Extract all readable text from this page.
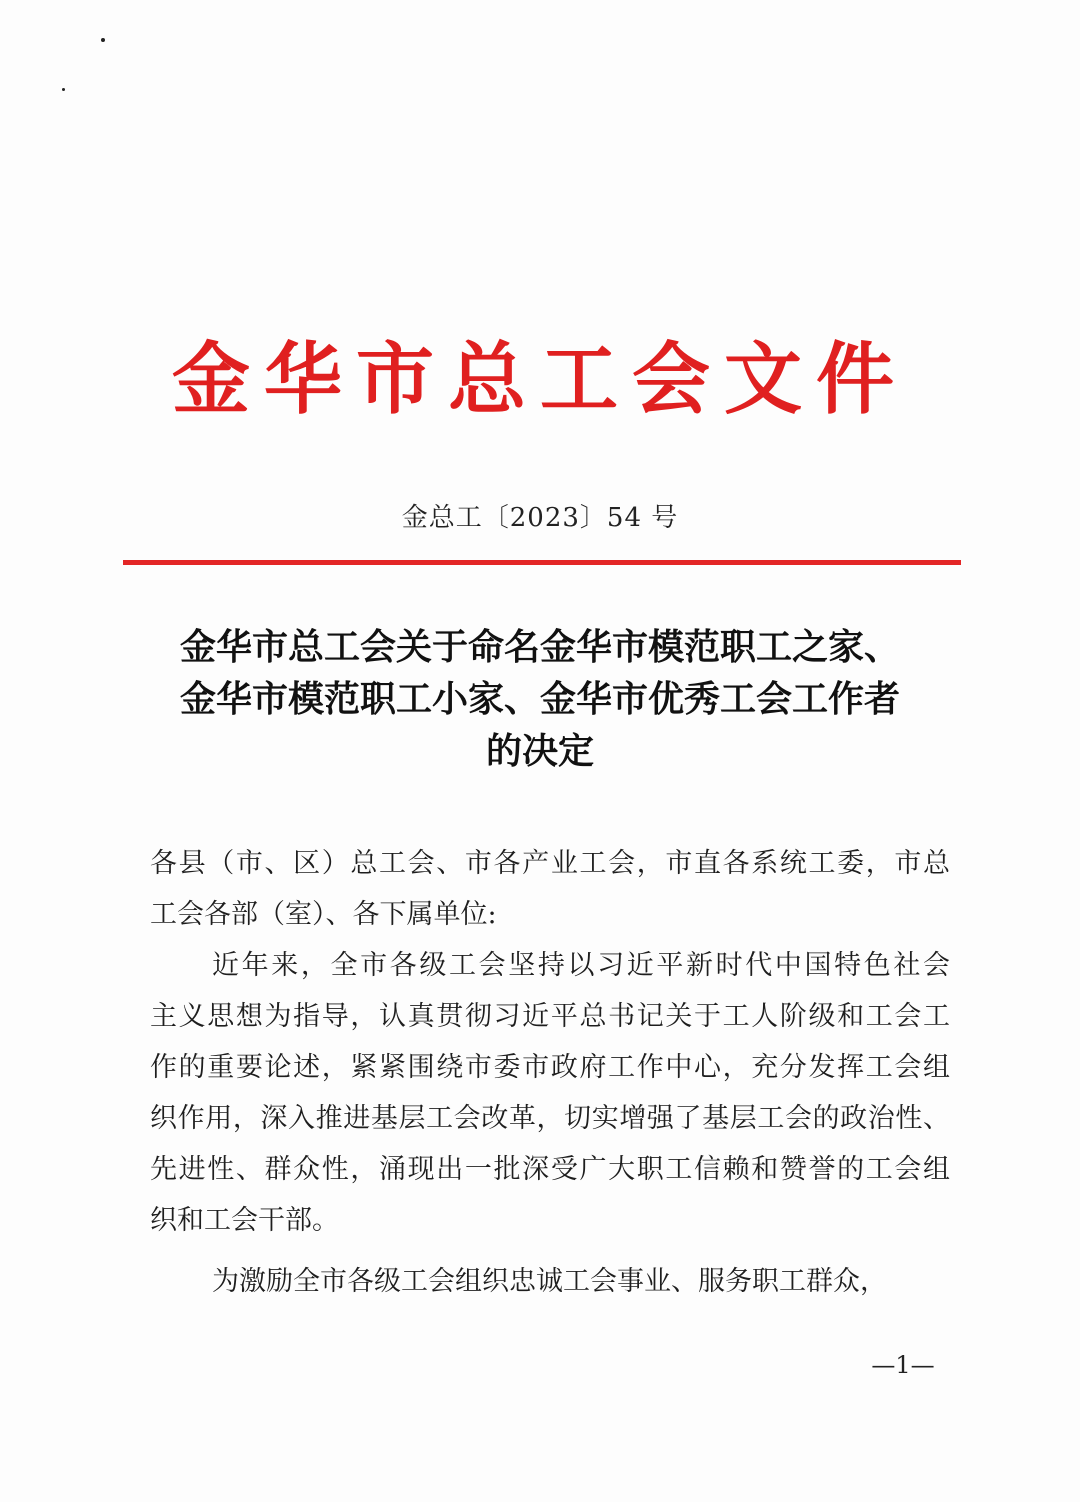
金华市总工会文件
金总工〔2023〕54 号
金华市总工会关于命名金华市模范职工之家、
金华市模范职工小家、金华市优秀工会工作者
的决定
各县（市、区）总工会、市各产业工会，市直各系统工委，市总
工会各部（室）、各下属单位:
近年来，全市各级工会坚持以习近平新时代中国特色社会
主义思想为指导，认真贯彻习近平总书记关于工人阶级和工会工
作的重要论述，紧紧围绕市委市政府工作中心，充分发挥工会组
织作用，深入推进基层工会改革，切实增强了基层工会的政治性、
先进性、群众性，涌现出一批深受广大职工信赖和赞誉的工会组
织和工会干部。
为激励全市各级工会组织忠诚工会事业、服务职工群众，
—1—
